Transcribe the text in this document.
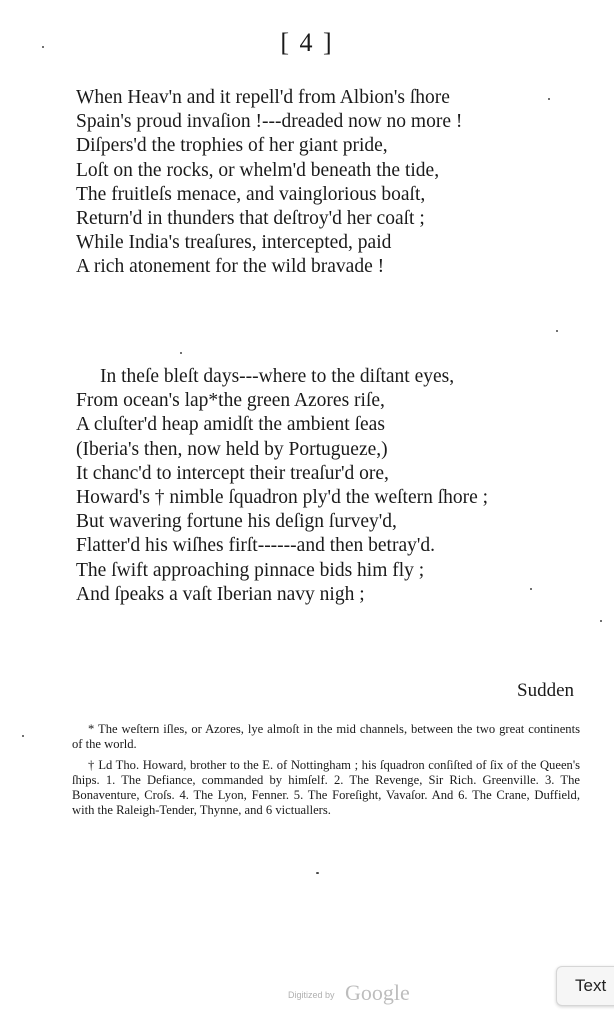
[ 4 ]
When Heav'n and it repell'd from Albion's ſhore
Spain's proud invaſion !---dreaded now no more !
Diſpers'd the trophies of her giant pride,
Loſt on the rocks, or whelm'd beneath the tide,
The fruitleſs menace, and vainglorious boaſt,
Return'd in thunders that deſtroy'd her coaſt ;
While India's treaſures, intercepted, paid
A rich atonement for the wild bravade !
In theſe bleſt days---where to the diſtant eyes,
From ocean's lap*the green Azores riſe,
A cluſter'd heap amidſt the ambient ſeas
(Iberia's then, now held by Portugueze,)
It chanc'd to intercept their treaſur'd ore,
Howard's † nimble ſquadron ply'd the weſtern ſhore ;
But wavering fortune his deſign ſurvey'd,
Flatter'd his wiſhes firſt------and then betray'd.
The ſwift approaching pinnace bids him fly ;
And ſpeaks a vaſt Iberian navy nigh ;
Sudden
* The weſtern iſles, or Azores, lye almoſt in the mid channels, between the two great continents of the world.
† Ld Tho. Howard, brother to the E. of Nottingham ; his ſquadron conſiſted of ſix of the Queen's ſhips. 1. The Defiance, commanded by himſelf. 2. The Revenge, Sir Rich. Greenville. 3. The Bonaventure, Croſs. 4. The Lyon, Fenner. 5. The Foreſight, Vavaſor. And 6. The Crane, Duffield, with the Raleigh-Tender, Thynne, and 6 victuallers.
Digitized by Google	Text
